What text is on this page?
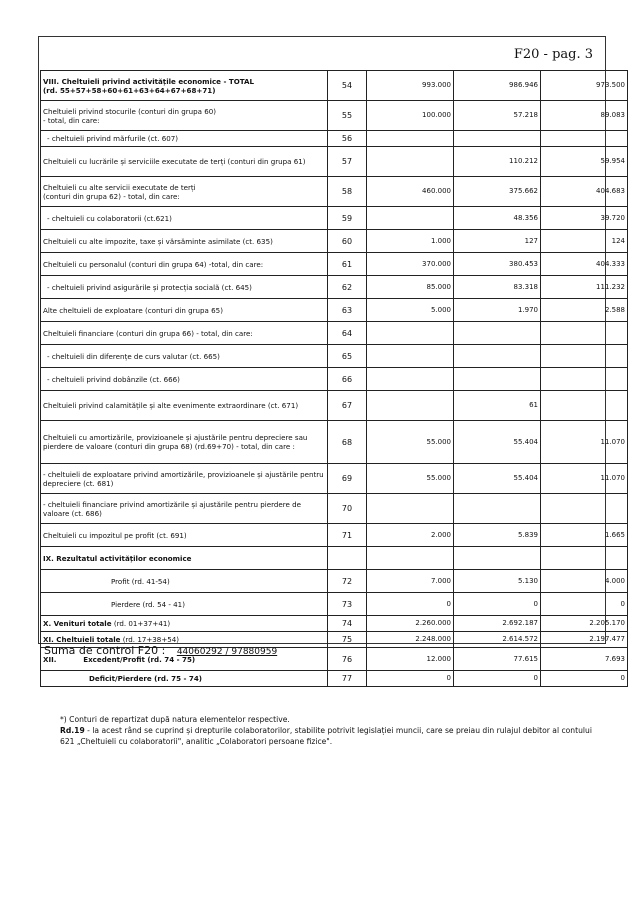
F20 - pag. 3
VIII. Cheltuieli privind activitățile economice - TOTAL
(rd. 55+57+58+60+61+63+64+67+68+71)	54	993.000	986.946	973.500
Cheltuieli privind stocurile (conturi din grupa 60)
- total, din care:	55	100.000	57.218	89.083
- cheltuieli privind mărfurile (ct. 607)	56			
Cheltuieli cu lucrările și serviciile executate de terți (conturi din grupa 61)	57		110.212	59.954
Cheltuieli cu alte servicii executate de terți
(conturi din grupa 62) - total, din care:	58	460.000	375.662	404.683
- cheltuieli cu colaboratorii (ct.621)	59		48.356	39.720
Cheltuieli cu alte impozite, taxe și vărsăminte asimilate (ct. 635)	60	1.000	127	124
Cheltuieli cu personalul (conturi din grupa 64) -total, din care:	61	370.000	380.453	404.333
- cheltuieli privind asigurările și protecția socială (ct. 645)	62	85.000	83.318	111.232
Alte cheltuieli de exploatare (conturi din grupa 65)	63	5.000	1.970	2.588
Cheltuieli financiare (conturi din grupa 66) - total, din care:	64			
- cheltuieli din diferențe de curs valutar (ct. 665)	65			
- cheltuieli privind dobânzile (ct. 666)	66			
Cheltuieli privind calamitățile și alte evenimente extraordinare (ct. 671)	67		61	
Cheltuieli cu amortizările, provizioanele și ajustările pentru depreciere sau pierdere de valoare (conturi din grupa 68) (rd.69+70) - total, din care :	68	55.000	55.404	11.070
- cheltuieli de exploatare privind amortizările, provizioanele și ajustările pentru depreciere (ct. 681)	69	55.000	55.404	11.070
- cheltuieli financiare privind amortizările și ajustările pentru pierdere de valoare (ct. 686)	70			
Cheltuieli cu impozitul pe profit (ct. 691)	71	2.000	5.839	1.665
IX. Rezultatul activităților economice				
Profit (rd. 41-54)	72	7.000	5.130	4.000
Pierdere (rd. 54 - 41)	73	0	0	0
X. Venituri totale (rd. 01+37+41)	74	2.260.000	2.692.187	2.205.170
XI. Cheltuieli totale (rd. 17+38+54)	75	2.248.000	2.614.572	2.197.477
XII. Excedent/Profit (rd. 74 - 75)	76	12.000	77.615	7.693
Deficit/Pierdere (rd. 75 - 74)	77	0	0	0
Suma de control F20 : 44060292 / 97880959
*) Conturi de repartizat după natura elementelor respective.
Rd.19 - la acest rând se cuprind și drepturile colaboratorilor, stabilite potrivit legislației muncii, care se preiau din rulajul debitor al contului 621 „Cheltuieli cu colaboratorii", analitic „Colaboratori persoane fizice".
